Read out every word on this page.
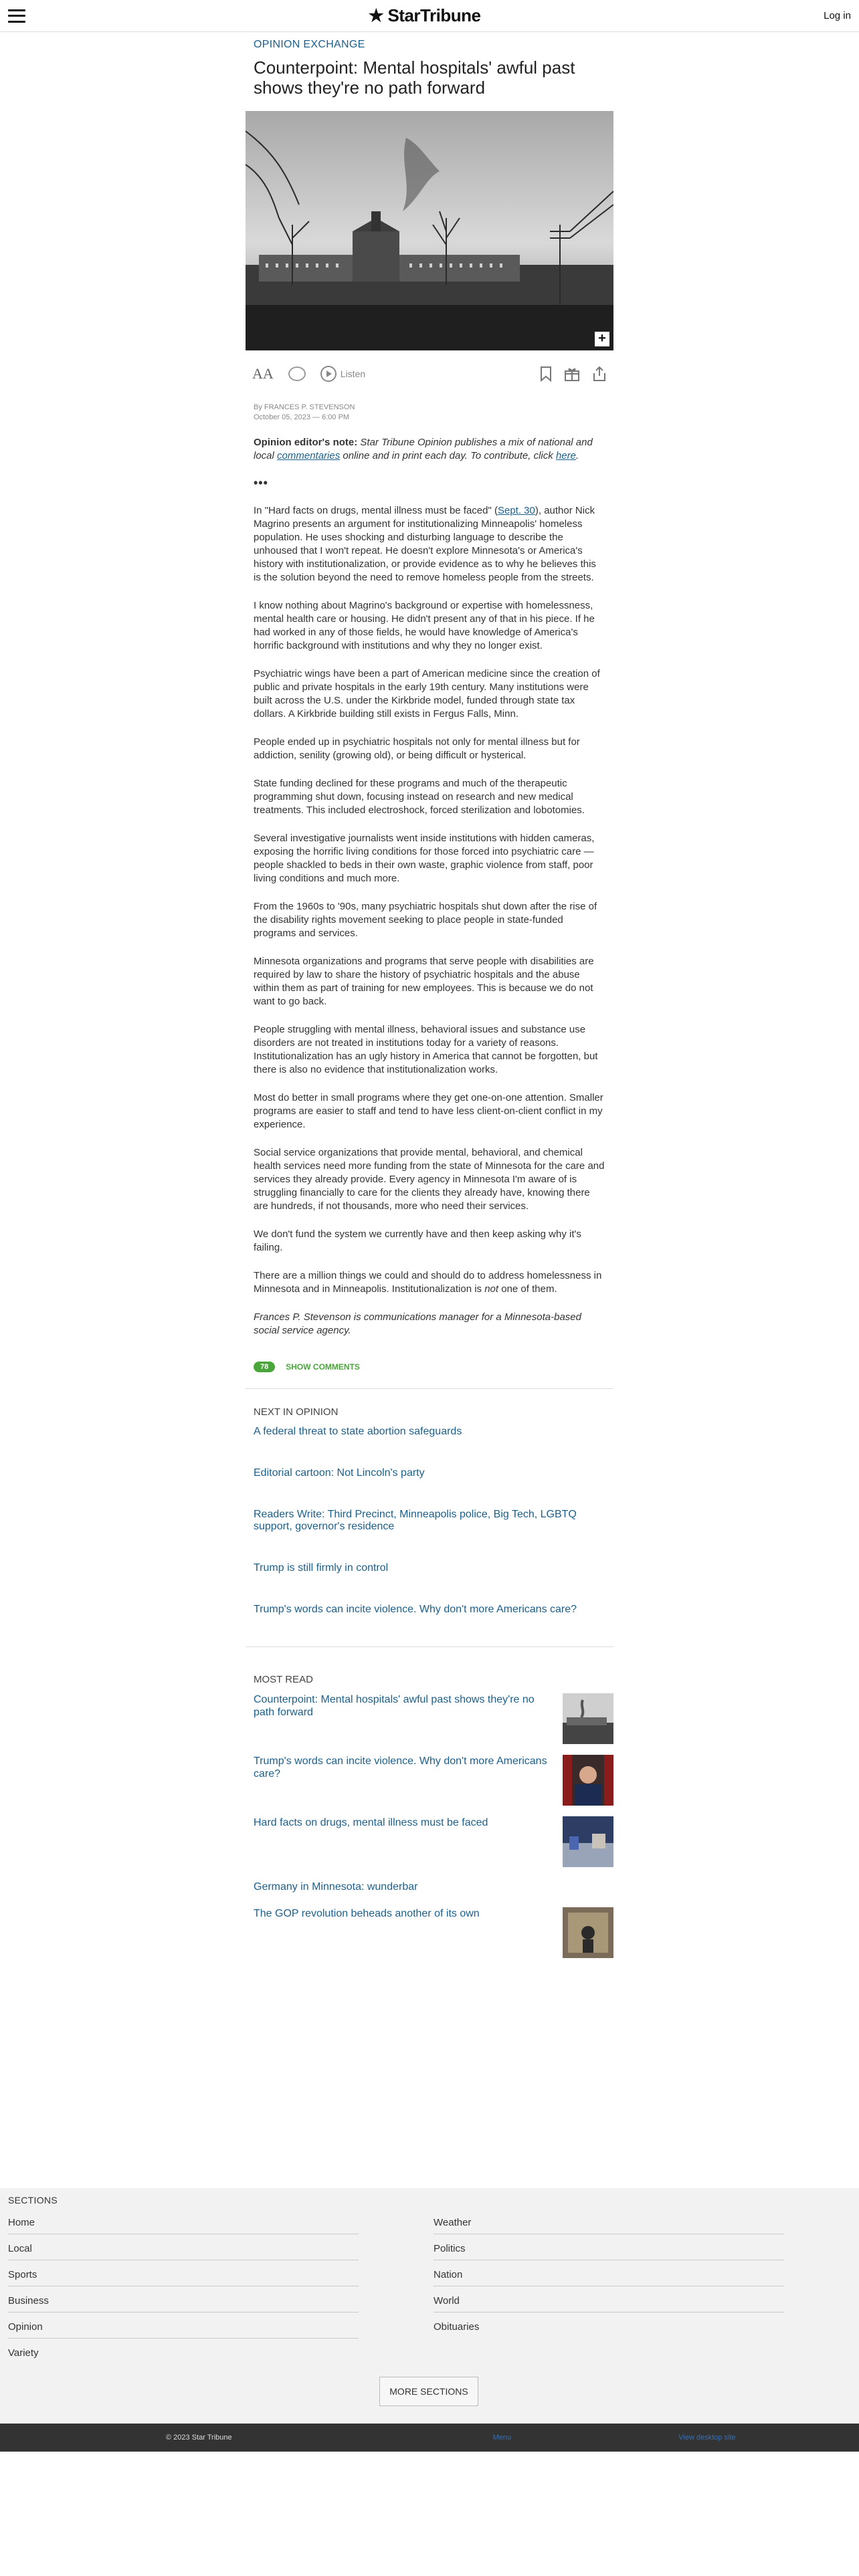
★ StarTribune	Log in
OPINION EXCHANGE
Counterpoint: Mental hospitals' awful past shows they're no path forward
+
AA	Listen
By FRANCES P. STEVENSON
October 05, 2023 — 6:00 PM

Opinion editor's note: Star Tribune Opinion publishes a mix of national and local commentaries online and in print each day. To contribute, click here.

•••

In "Hard facts on drugs, mental illness must be faced" (Sept. 30), author Nick Magrino presents an argument for institutionalizing Minneapolis' homeless population. He uses shocking and disturbing language to describe the unhoused that I won't repeat. He doesn't explore Minnesota's or America's history with institutionalization, or provide evidence as to why he believes this is the solution beyond the need to remove homeless people from the streets.

I know nothing about Magrino's background or expertise with homelessness, mental health care or housing. He didn't present any of that in his piece. If he had worked in any of those fields, he would have knowledge of America's horrific background with institutions and why they no longer exist.

Psychiatric wings have been a part of American medicine since the creation of public and private hospitals in the early 19th century. Many institutions were built across the U.S. under the Kirkbride model, funded through state tax dollars. A Kirkbride building still exists in Fergus Falls, Minn.

People ended up in psychiatric hospitals not only for mental illness but for addiction, senility (growing old), or being difficult or hysterical.

State funding declined for these programs and much of the therapeutic programming shut down, focusing instead on research and new medical treatments. This included electroshock, forced sterilization and lobotomies.

Several investigative journalists went inside institutions with hidden cameras, exposing the horrific living conditions for those forced into psychiatric care — people shackled to beds in their own waste, graphic violence from staff, poor living conditions and much more.

From the 1960s to '90s, many psychiatric hospitals shut down after the rise of the disability rights movement seeking to place people in state-funded programs and services.

Minnesota organizations and programs that serve people with disabilities are required by law to share the history of psychiatric hospitals and the abuse within them as part of training for new employees. This is because we do not want to go back.

People struggling with mental illness, behavioral issues and substance use disorders are not treated in institutions today for a variety of reasons. Institutionalization has an ugly history in America that cannot be forgotten, but there is also no evidence that institutionalization works.

Most do better in small programs where they get one-on-one attention. Smaller programs are easier to staff and tend to have less client-on-client conflict in my experience.

Social service organizations that provide mental, behavioral, and chemical health services need more funding from the state of Minnesota for the care and services they already provide. Every agency in Minnesota I'm aware of is struggling financially to care for the clients they already have, knowing there are hundreds, if not thousands, more who need their services.

We don't fund the system we currently have and then keep asking why it's failing.

There are a million things we could and should do to address homelessness in Minnesota and in Minneapolis. Institutionalization is not one of them.

Frances P. Stevenson is communications manager for a Minnesota-based social service agency.

78	SHOW COMMENTS
NEXT IN OPINION
A federal threat to state abortion safeguards
Editorial cartoon: Not Lincoln's party
Readers Write: Third Precinct, Minneapolis police, Big Tech, LGBTQ support, governor's residence
Trump is still firmly in control
Trump's words can incite violence. Why don't more Americans care?
MOST READ
Counterpoint: Mental hospitals' awful past shows they're no path forward
Trump's words can incite violence. Why don't more Americans care?
Hard facts on drugs, mental illness must be faced
Germany in Minnesota: wunderbar
The GOP revolution beheads another of its own
SECTIONS
Home
Local
Sports
Business
Opinion
Variety
Weather
Politics
Nation
World
Obituaries
MORE SECTIONS
© 2023 Star Tribune	Menu	View desktop site
